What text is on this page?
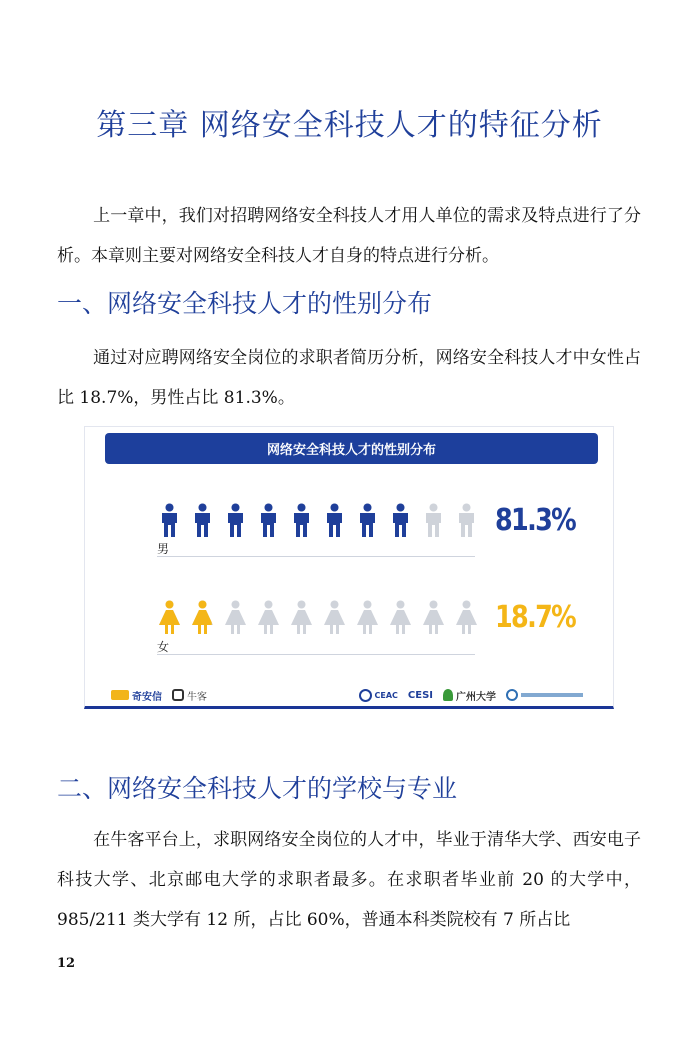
第三章 网络安全科技人才的特征分析

上一章中，我们对招聘网络安全科技人才用人单位的需求及特点进行了分析。本章则主要对网络安全科技人才自身的特点进行分析。

一、网络安全科技人才的性别分布

通过对应聘网络安全岗位的求职者简历分析，网络安全科技人才中女性占比 18.7%，男性占比 81.3%。

网络安全科技人才的性别分布
男
81.3%
女
18.7%
奇安信	牛客	CEAC CESI 广州大学
二、网络安全科技人才的学校与专业

在牛客平台上，求职网络安全岗位的人才中，毕业于清华大学、西安电子科技大学、北京邮电大学的求职者最多。在求职者毕业前 20 的大学中，985/211 类大学有 12 所，占比 60%，普通本科类院校有 7 所占比

12
